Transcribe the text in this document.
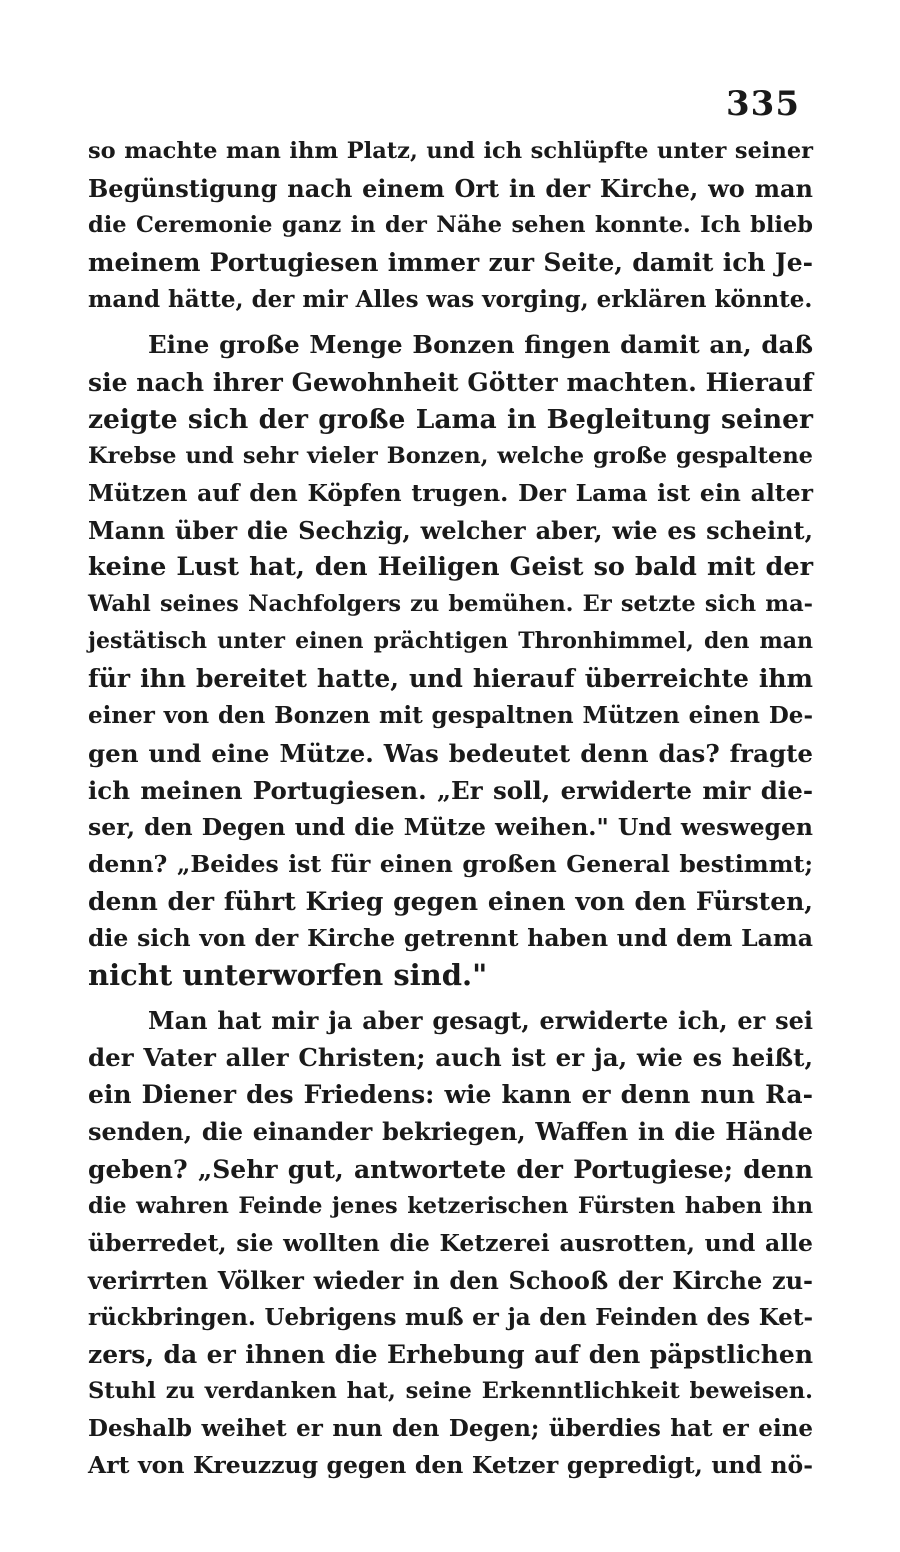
335
so machte man ihm Platz, und ich schlüpfte unter seiner
Begünstigung nach einem Ort in der Kirche, wo man
die Ceremonie ganz in der Nähe sehen konnte. Ich blieb
meinem Portugiesen immer zur Seite, damit ich Je-
mand hätte, der mir Alles was vorging, erklären könnte.
Eine große Menge Bonzen fingen damit an, daß
sie nach ihrer Gewohnheit Götter machten. Hierauf
zeigte sich der große Lama in Begleitung seiner
Krebse und sehr vieler Bonzen, welche große gespaltene
Mützen auf den Köpfen trugen. Der Lama ist ein alter
Mann über die Sechzig, welcher aber, wie es scheint,
keine Lust hat, den Heiligen Geist so bald mit der
Wahl seines Nachfolgers zu bemühen. Er setzte sich ma-
jestätisch unter einen prächtigen Thronhimmel, den man
für ihn bereitet hatte, und hierauf überreichte ihm
einer von den Bonzen mit gespaltnen Mützen einen De-
gen und eine Mütze. Was bedeutet denn das? fragte
ich meinen Portugiesen. „Er soll, erwiderte mir die-
ser, den Degen und die Mütze weihen." Und weswegen
denn? „Beides ist für einen großen General bestimmt;
denn der führt Krieg gegen einen von den Fürsten,
die sich von der Kirche getrennt haben und dem Lama
nicht unterworfen sind."
Man hat mir ja aber gesagt, erwiderte ich, er sei
der Vater aller Christen; auch ist er ja, wie es heißt,
ein Diener des Friedens: wie kann er denn nun Ra-
senden, die einander bekriegen, Waffen in die Hände
geben? „Sehr gut, antwortete der Portugiese; denn
die wahren Feinde jenes ketzerischen Fürsten haben ihn
überredet, sie wollten die Ketzerei ausrotten, und alle
verirrten Völker wieder in den Schooß der Kirche zu-
rückbringen. Uebrigens muß er ja den Feinden des Ket-
zers, da er ihnen die Erhebung auf den päpstlichen
Stuhl zu verdanken hat, seine Erkenntlichkeit beweisen.
Deshalb weihet er nun den Degen; überdies hat er eine
Art von Kreuzzug gegen den Ketzer gepredigt, und nö-
